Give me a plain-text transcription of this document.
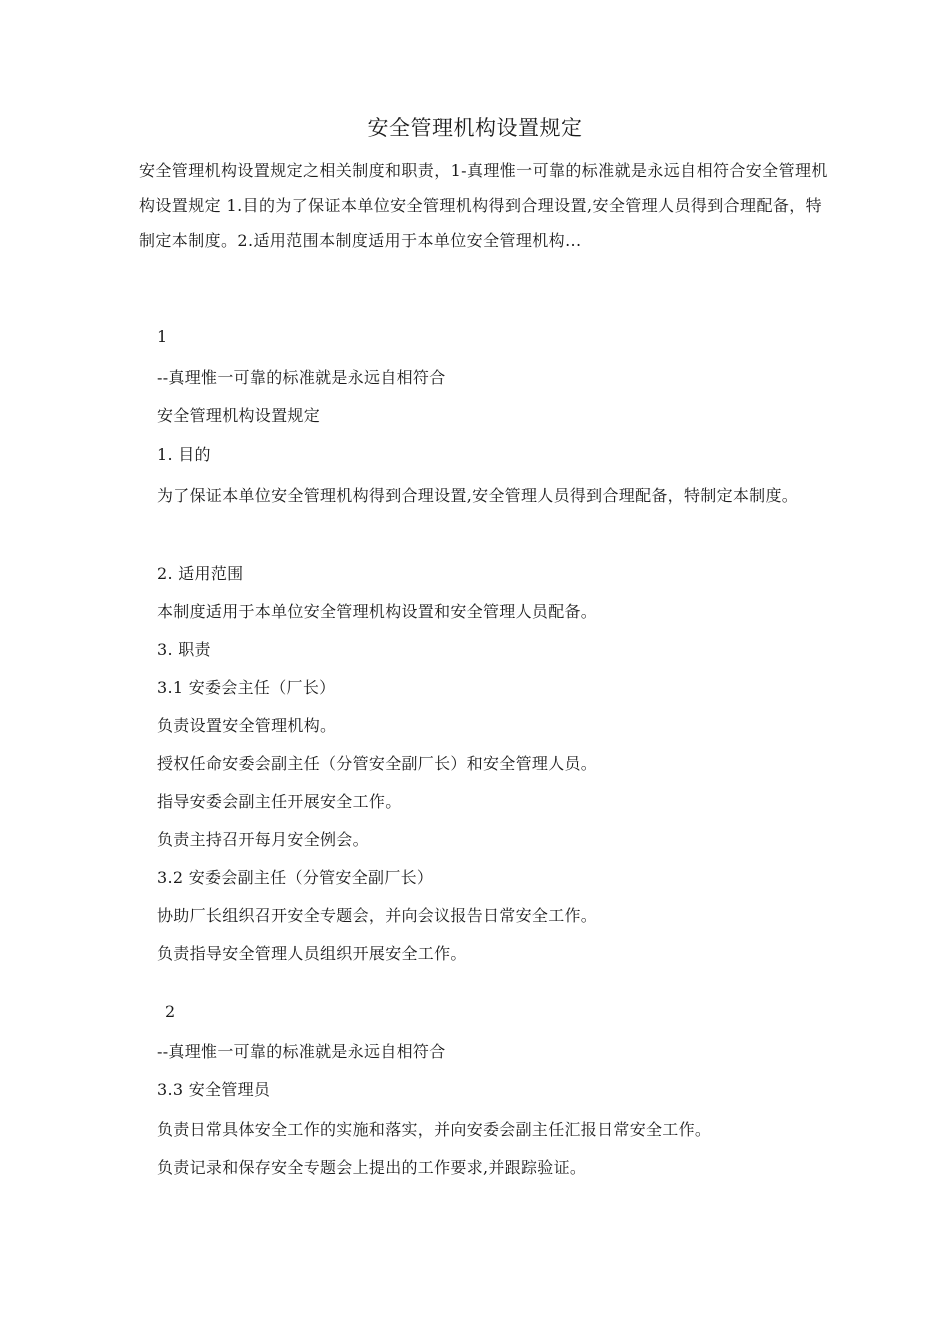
安全管理机构设置规定
安全管理机构设置规定之相关制度和职责，1-真理惟一可靠的标准就是永远自相符合安全管理机构设置规定 1.目的为了保证本单位安全管理机构得到合理设置,安全管理人员得到合理配备，特制定本制度。2.适用范围本制度适用于本单位安全管理机构...
1
--真理惟一可靠的标准就是永远自相符合
安全管理机构设置规定
1. 目的
为了保证本单位安全管理机构得到合理设置,安全管理人员得到合理配备，特制定本制度。
2. 适用范围
本制度适用于本单位安全管理机构设置和安全管理人员配备。
3. 职责
3.1 安委会主任（厂长）
负责设置安全管理机构。
授权任命安委会副主任（分管安全副厂长）和安全管理人员。
指导安委会副主任开展安全工作。
负责主持召开每月安全例会。
3.2 安委会副主任（分管安全副厂长）
协助厂长组织召开安全专题会，并向会议报告日常安全工作。
负责指导安全管理人员组织开展安全工作。
2
--真理惟一可靠的标准就是永远自相符合
3.3 安全管理员
负责日常具体安全工作的实施和落实，并向安委会副主任汇报日常安全工作。
负责记录和保存安全专题会上提出的工作要求,并跟踪验证。
